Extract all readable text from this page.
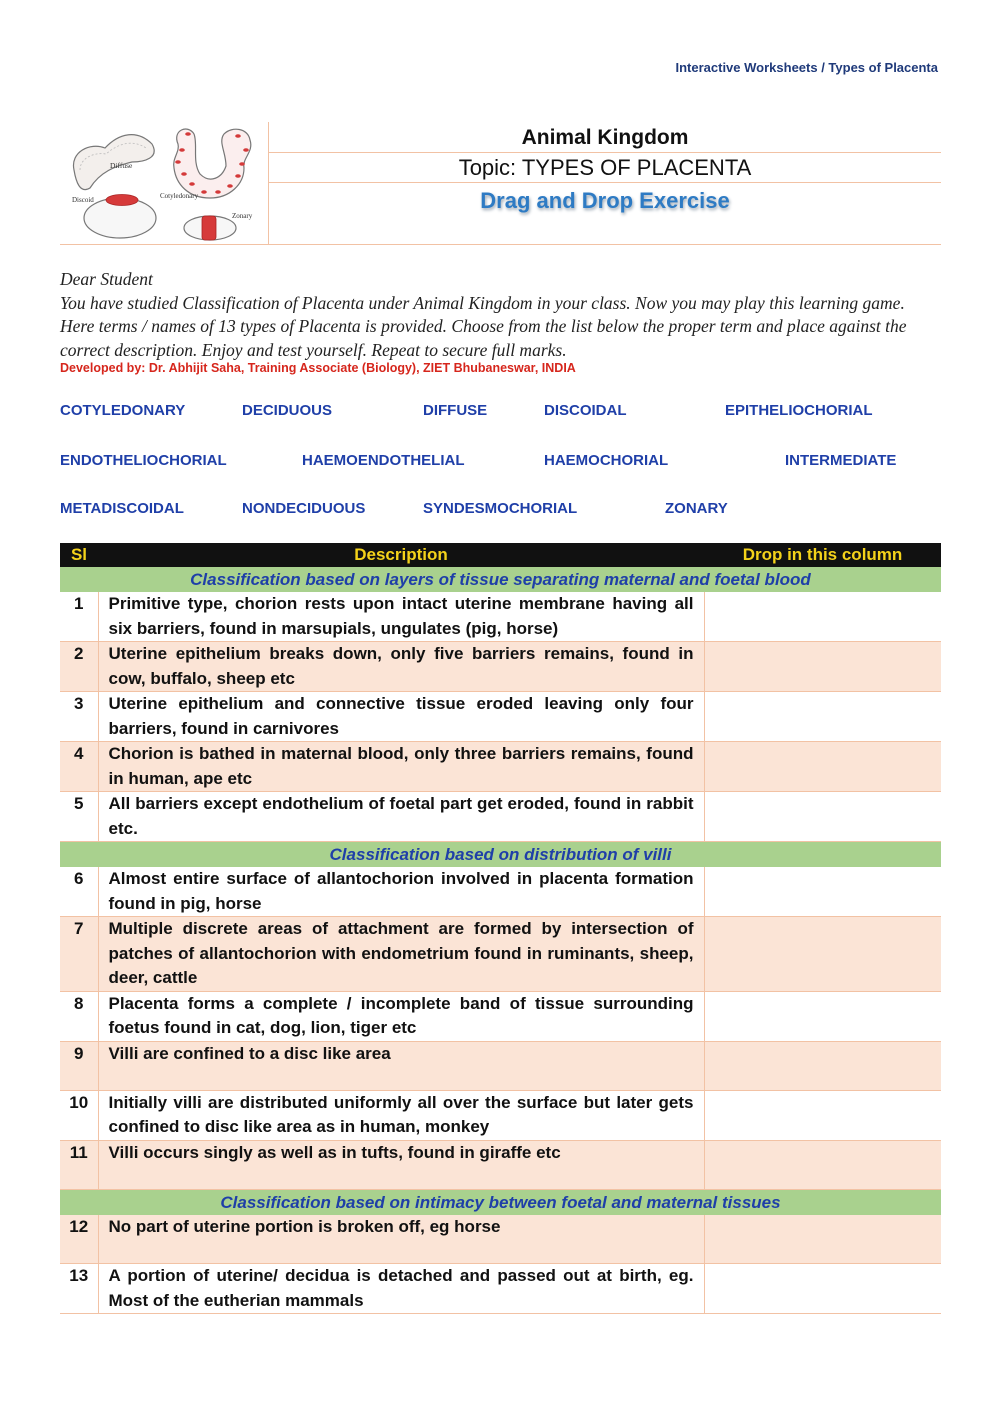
Interactive Worksheets / Types of Placenta
Diffuse
Cotyledonary
Discoid
Zonary
Animal Kingdom
Topic: TYPES OF PLACENTA
Drag and Drop Exercise

Dear Student

You have studied Classification of Placenta under Animal Kingdom in your class. Now you may play this learning game. Here terms / names of 13 types of Placenta is provided. Choose from the list below the proper term and place against the correct description. Enjoy and test yourself. Repeat to secure full marks.

Developed by: Dr. Abhijit Saha, Training Associate (Biology), ZIET Bhubaneswar, INDIA
COTYLEDONARY	DECIDUOUS	DIFFUSE	DISCOIDAL	EPITHELIOCHORIAL
ENDOTHELIOCHORIAL	HAEMOENDOTHELIAL	HAEMOCHORIAL	INTERMEDIATE
METADISCOIDAL	NONDECIDUOUS	SYNDESMOCHORIAL	ZONARY
Sl	Description	Drop in this column
Classification based on layers of tissue separating maternal and foetal blood		
1	Primitive type, chorion rests upon intact uterine membrane having all six barriers, found in marsupials, ungulates (pig, horse)	
2	Uterine epithelium breaks down, only five barriers remains, found in cow, buffalo, sheep etc	
3	Uterine epithelium and connective tissue eroded leaving only four barriers, found in carnivores	
4	Chorion is bathed in maternal blood, only three barriers remains, found in human, ape etc	
5	All barriers except endothelium of foetal part get eroded, found in rabbit etc.	
Classification based on distribution of villi		
6	Almost entire surface of allantochorion involved in placenta formation found in pig, horse	
7	Multiple discrete areas of attachment are formed by intersection of patches of allantochorion with endometrium found in ruminants, sheep, deer, cattle	
8	Placenta forms a complete / incomplete band of tissue surrounding foetus found in cat, dog, lion, tiger etc	
9	Villi are confined to a disc like area	
10	Initially villi are distributed uniformly all over the surface but later gets confined to disc like area as in human, monkey	
11	Villi occurs singly as well as in tufts, found in giraffe etc	
Classification based on intimacy between foetal and maternal tissues		
12	No part of uterine portion is broken off, eg horse	
13	A portion of uterine/ decidua is detached and passed out at birth, eg. Most of the eutherian mammals	
